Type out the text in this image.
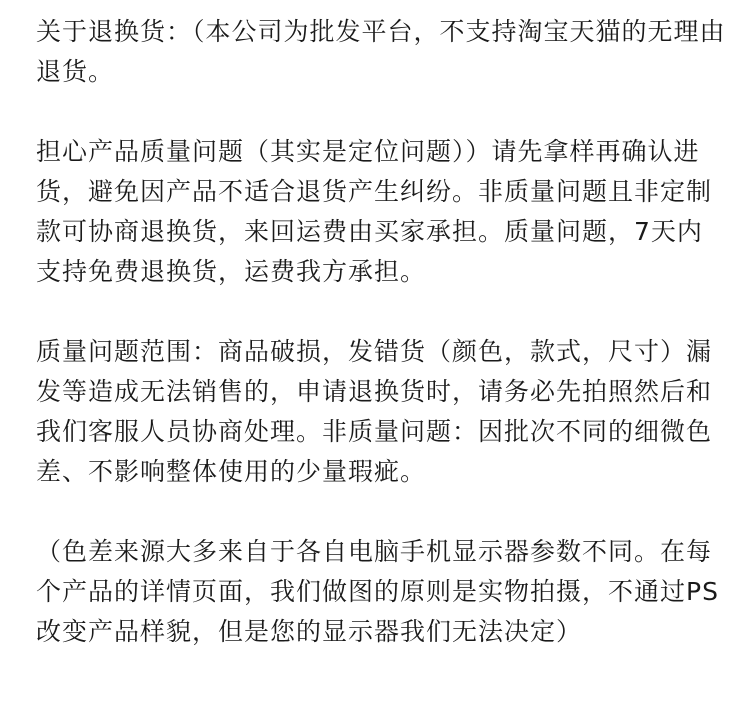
关于退换货：（本公司为批发平台，不支持淘宝天猫的无理由退货。

担心产品质量问题（其实是定位问题））请先拿样再确认进货，避免因产品不适合退货产生纠纷。非质量问题且非定制款可协商退换货，来回运费由买家承担。质量问题，7天内支持免费退换货，运费我方承担。

质量问题范围：商品破损，发错货（颜色，款式，尺寸）漏发等造成无法销售的，申请退换货时，请务必先拍照然后和我们客服人员协商处理。非质量问题：因批次不同的细微色差、不影响整体使用的少量瑕疵。

（色差来源大多来自于各自电脑手机显示器参数不同。在每个产品的详情页面，我们做图的原则是实物拍摄，不通过PS改变产品样貌，但是您的显示器我们无法决定）
